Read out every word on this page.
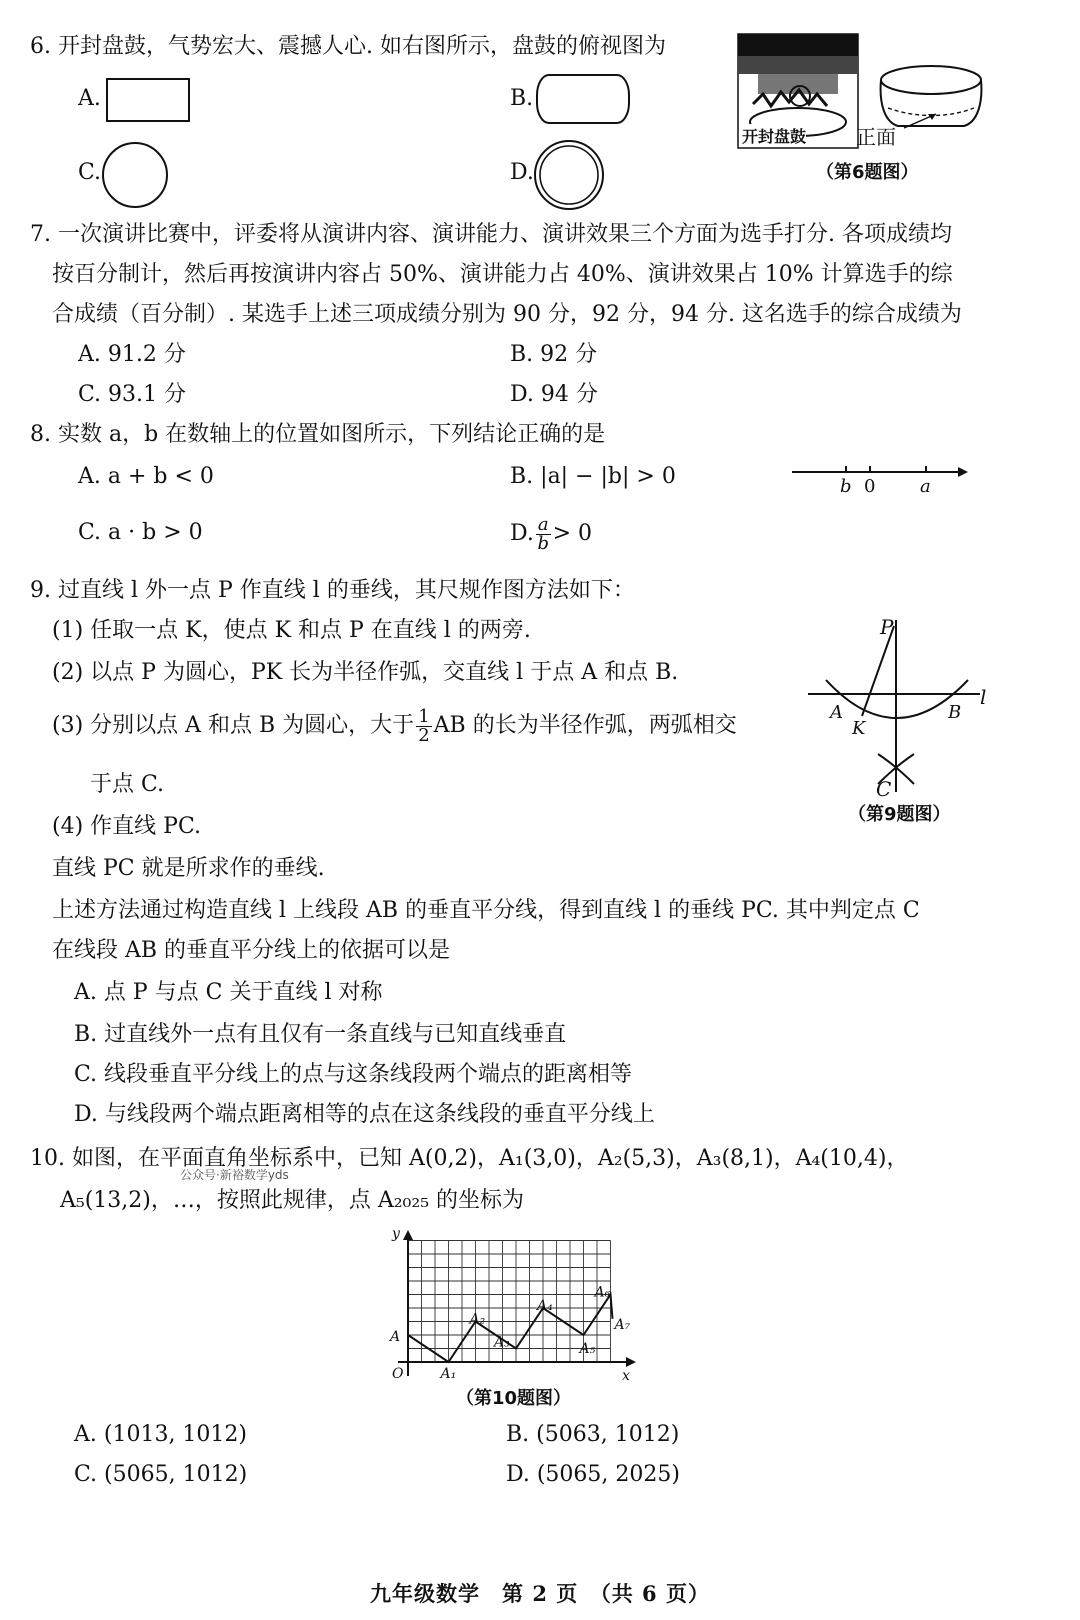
6. 开封盘鼓，气势宏大、震撼人心. 如右图所示，盘鼓的俯视图为
A.	B.
C.	D.
开封盘鼓 正面
（第6题图）
7. 一次演讲比赛中，评委将从演讲内容、演讲能力、演讲效果三个方面为选手打分. 各项成绩均
按百分制计，然后再按演讲内容占 50%、演讲能力占 40%、演讲效果占 10% 计算选手的综
合成绩（百分制）. 某选手上述三项成绩分别为 90 分，92 分，94 分. 这名选手的综合成绩为
A. 91.2 分	B. 92 分
C. 93.1 分	D. 94 分
8. 实数 a，b 在数轴上的位置如图所示，下列结论正确的是
A. a + b < 0	B. |a| − |b| > 0
C. a · b > 0	D. $\frac{a}{b} > 0$
b 0 a
9. 过直线 l 外一点 P 作直线 l 的垂线，其尺规作图方法如下：
(1) 任取一点 K，使点 K 和点 P 在直线 l 的两旁.
(2) 以点 P 为圆心，PK 长为半径作弧，交直线 l 于点 A 和点 B.
(3) 分别以点 A 和点 B 为圆心，大于 $\frac{1}{2}$ AB 的长为半径作弧，两弧相交
于点 C.
(4) 作直线 PC.
直线 PC 就是所求作的垂线.
上述方法通过构造直线 l 上线段 AB 的垂直平分线，得到直线 l 的垂线 PC. 其中判定点 C
在线段 AB 的垂直平分线上的依据可以是
A. 点 P 与点 C 关于直线 l 对称
B. 过直线外一点有且仅有一条直线与已知直线垂直
C. 线段垂直平分线上的点与这条线段两个端点的距离相等
D. 与线段两个端点距离相等的点在这条线段的垂直平分线上
P
l
A	B
K
C
（第9题图）
10. 如图，在平面直角坐标系中，已知 A(0,2)，A₁(3,0)，A₂(5,3)，A₃(8,1)，A₄(10,4)，
公众号·新裕数学yds
A₅(13,2)，…，按照此规律，点 A₂₀₂₅ 的坐标为
y
x
O
A
A₁
A₂
A₃
A₄
A₅
A₆
A₇
（第10题图）
A. (1013, 1012)	B. (5063, 1012)
C. (5065, 1012)	D. (5065, 2025)
九年级数学　第 2 页　（共 6 页）
